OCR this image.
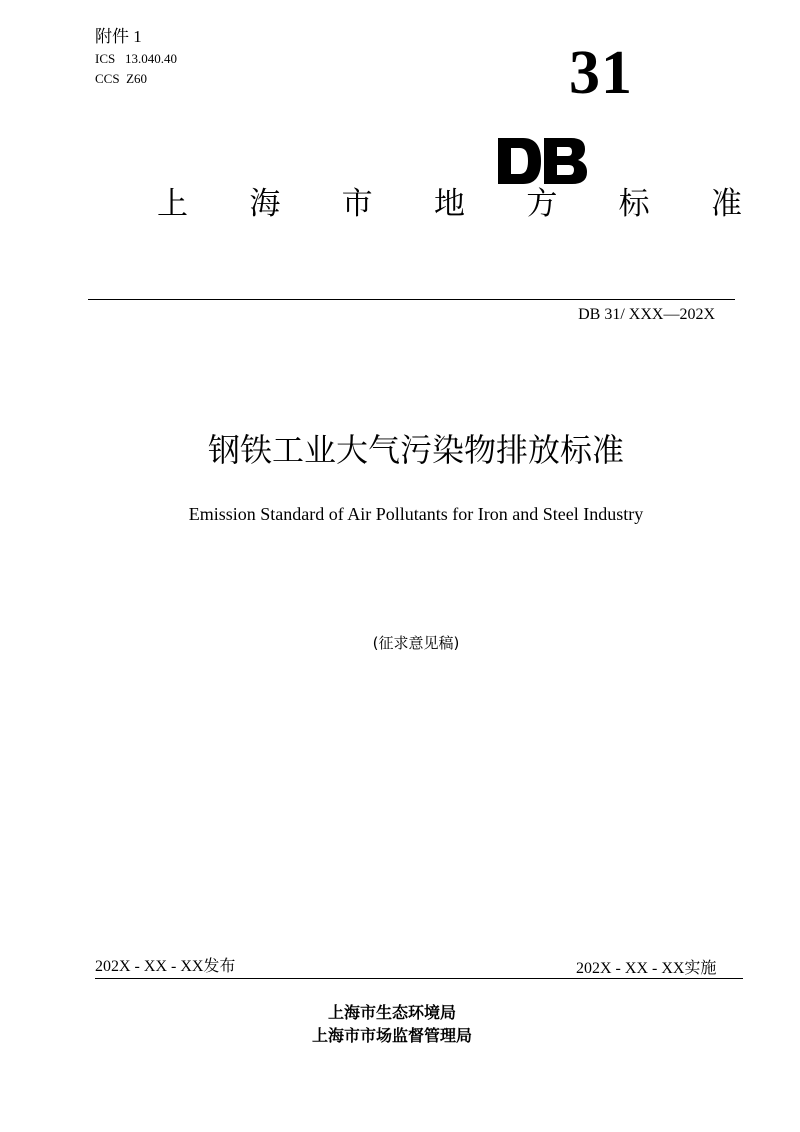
附件 1
ICS   13.040.40
CCS  Z60	31
上 海 市 地 方 标 准
DB 31/ XXX—202X
钢铁工业大气污染物排放标准
Emission Standard of Air Pollutants for Iron and Steel Industry
(征求意见稿)
202X - XX - XX发布	202X - XX - XX实施
上海市生态环境局
上海市市场监督管理局
